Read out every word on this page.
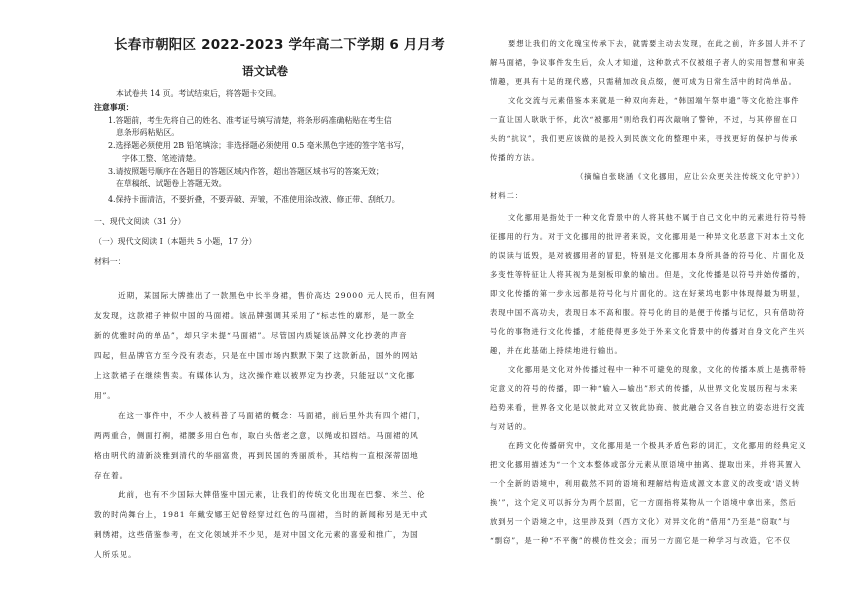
长春市朝阳区 2022-2023 学年高二下学期 6 月月考
语文试卷
本试卷共 14 页。考试结束后，将答题卡交回。
注意事项：
1.答题前，考生先将自己的姓名、准考证号填写清楚，将条形码准确粘贴在考生信
息条形码粘贴区。
2.选择题必须使用 2B 铅笔填涂；非选择题必须使用 0.5 毫米黑色字迹的签字笔书写，
字体工整、笔迹清楚。
3.请按照题号顺序在各题目的答题区域内作答，超出答题区域书写的答案无效；
在草稿纸、试题卷上答题无效。
4.保持卡面清洁，不要折叠，不要弄破、弄皱，不准使用涂改液、修正带、刮纸刀。
一、现代文阅读（31 分）
（一）现代文阅读 Ⅰ（本题共 5 小题，17 分）
材料一：
近期，某国际大牌推出了一款黑色中长半身裙，售价高达 29000 元人民币，但有网
友发现，这款裙子神似中国的马面裙。该品牌强调其采用了“标志性的廓形，是一款全
新的优雅时尚的单品”，却只字未提“马面裙”。尽管国内质疑该品牌文化抄袭的声音
四起，但品牌官方至今没有表态，只是在中国市场内默默下架了这款新品，国外的网站
上这款裙子在继续售卖。有媒体认为，这次操作难以被界定为抄袭，只能冠以“文化挪
用”。
在这一事件中，不少人被科普了马面裙的概念：马面裙，前后里外共有四个裙门，
两两重合，侧面打裥，裙腰多用白色布，取白头偕老之意，以绳或扣固结。马面裙的风
格由明代的清新淡雅到清代的华丽富贵，再到民国的秀丽质朴，其结构一直根深蒂固地
存在着。
此前，也有不少国际大牌借鉴中国元素，让我们的传统文化出现在巴黎、米兰、伦
敦的时尚舞台上，1981 年戴安娜王妃曾经穿过红色的马面裙，当时的新闻称另是无中式
刺绣裙，这些借鉴参考，在文化领域并不少见，是对中国文化元素的喜爱和推广，为国
人所乐见。
要想让我们的文化瑰宝传承下去，就需要主动去发现，在此之前，许多国人并不了
解马面裙，争议事件发生后，众人才知道，这种款式不仅被组子者人的实用智慧和审美
情趣，更具有十足的现代感，只需稍加改良点缀，便可成为日常生活中的时尚单品。
文化交流与元素借鉴本来就是一种双向奔赴，“韩国端午祭申遗”等文化抢注事件
一直让国人耿耿于怀，此次“被挪用”则给我们再次敲响了警钟，不过，与其停留在口
头的“抗议”，我们更应该做的是投入到民族文化的整理中来，寻找更好的保护与传承
传播的方法。
（摘编自张晓涵《文化挪用，应让公众更关注传统文化守护》）
材料二：
文化挪用是指处于一种文化背景中的人将其他不属于自己文化中的元素进行符号特
征挪用的行为。对于文化挪用的批评者来说，文化挪用是一种异文化恶意下对本土文化
的误读与诋毁，是对被挪用者的冒犯，特别是文化挪用本身所具备的符号化、片面化及
多变性等特征让人将其视为是刻板印象的输出。但是，文化传播是以符号并始传播的，
即文化传播的第一步永远都是符号化与片面化的。这在好莱坞电影中体现得最为明显，
表现中国不高功夫，表现日本不高和服。符号化的目的是便于传播与记忆，只有借助符
号化的事物进行文化传播，才能使得更多处于外来文化背景中的传播对自身文化产生兴
趣，并在此基础上持续地进行输出。
文化挪用是文化对外传播过程中一种不可避免的现象，文化的传播本质上是携带特
定意义的符号的传播，即一种“输入—输出”形式的传播，从世界文化发展历程与未来
趋势来看，世界各文化是以彼此对立又彼此协商、彼此融合又各自独立的姿态进行交流
与对话的。
在跨文化传播研究中，文化挪用是一个极具矛盾色彩的词汇，文化挪用的经典定义
把文化挪用描述为“一个文本整体或部分元素从原语境中抽离、提取出来，并将其置入
一个全新的语境中，利用截然不同的语境和理解结构造成源文本意义的改变或‘语义转
换’”，这个定义可以拆分为两个层面，它一方面指将某物从一个语境中拿出来，然后
放到另一个语境之中，这里涉及到（西方文化）对异文化的“借用”乃至是“窃取”与
“剽窃”，是一种“不平衡”的模仿性交会；而另一方面它是一种学习与改造，它不仅
